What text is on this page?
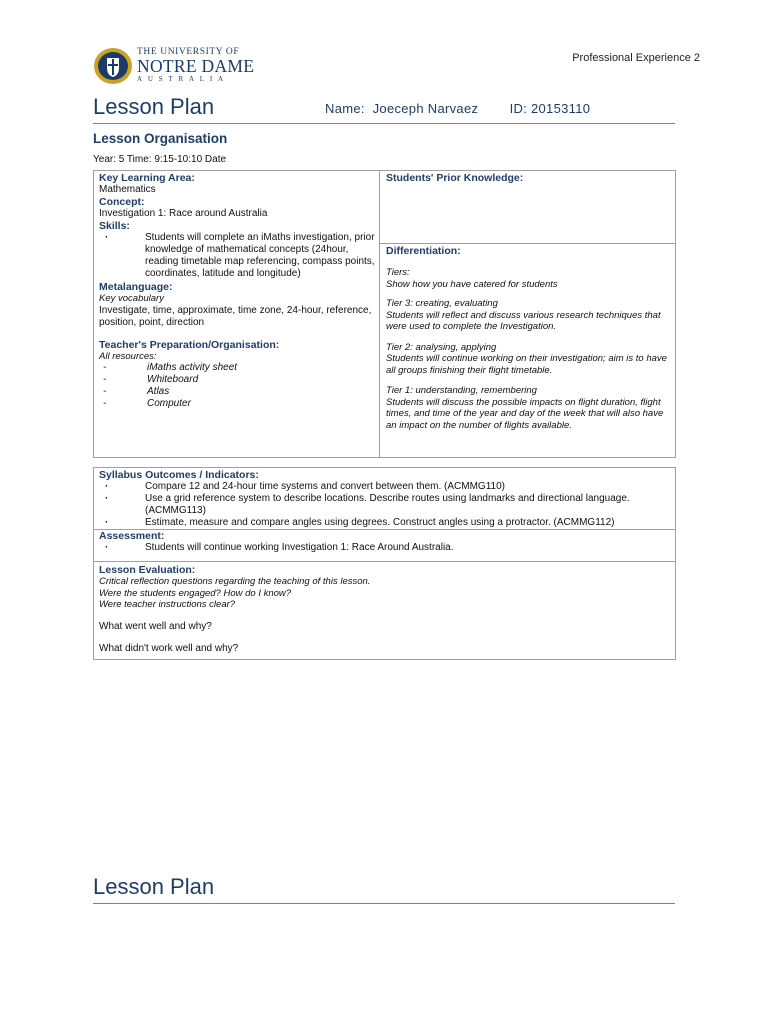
THE UNIVERSITY OF
NOTRE DAME
AUSTRALIA
Professional Experience 2
Lesson Plan	Name:  Joeceph Narvaez        ID: 20153110
Lesson Organisation
Year: 5 Time: 9:15-10:10 Date
Key Learning Area:
Mathematics
Concept:
Investigation 1: Race around Australia
Skills:
· Students will complete an iMaths investigation, prior knowledge of mathematical concepts (24hour, reading timetable map referencing, compass points, coordinates, latitude and longitude)
Metalanguage:
Key vocabulary
Investigate, time, approximate, time zone, 24-hour, reference, position, point, direction
Teacher's Preparation/Organisation:
All resources:
- iMaths activity sheet
- Whiteboard
- Atlas
- Computer
Students' Prior Knowledge:
Differentiation:
Tiers:
Show how you have catered for students
Tier 3: creating, evaluating
Students will reflect and discuss various research techniques that were used to complete the Investigation.
Tier 2: analysing, applying
Students will continue working on their investigation; aim is to have all groups finishing their flight timetable.
Tier 1: understanding, remembering
Students will discuss the possible impacts on flight duration, flight times, and time of the year and day of the week that will also have an impact on the number of flights available.
Syllabus Outcomes / Indicators:
· Compare 12 and 24-hour time systems and convert between them. (ACMMG110)
· Use a grid reference system to describe locations. Describe routes using landmarks and directional language. (ACMMG113)
· Estimate, measure and compare angles using degrees. Construct angles using a protractor. (ACMMG112)
Assessment:
· Students will continue working Investigation 1: Race Around Australia.
Lesson Evaluation:
Critical reflection questions regarding the teaching of this lesson.
Were the students engaged? How do I know?
Were teacher instructions clear?
What went well and why?
What didn't work well and why?
Lesson Plan
